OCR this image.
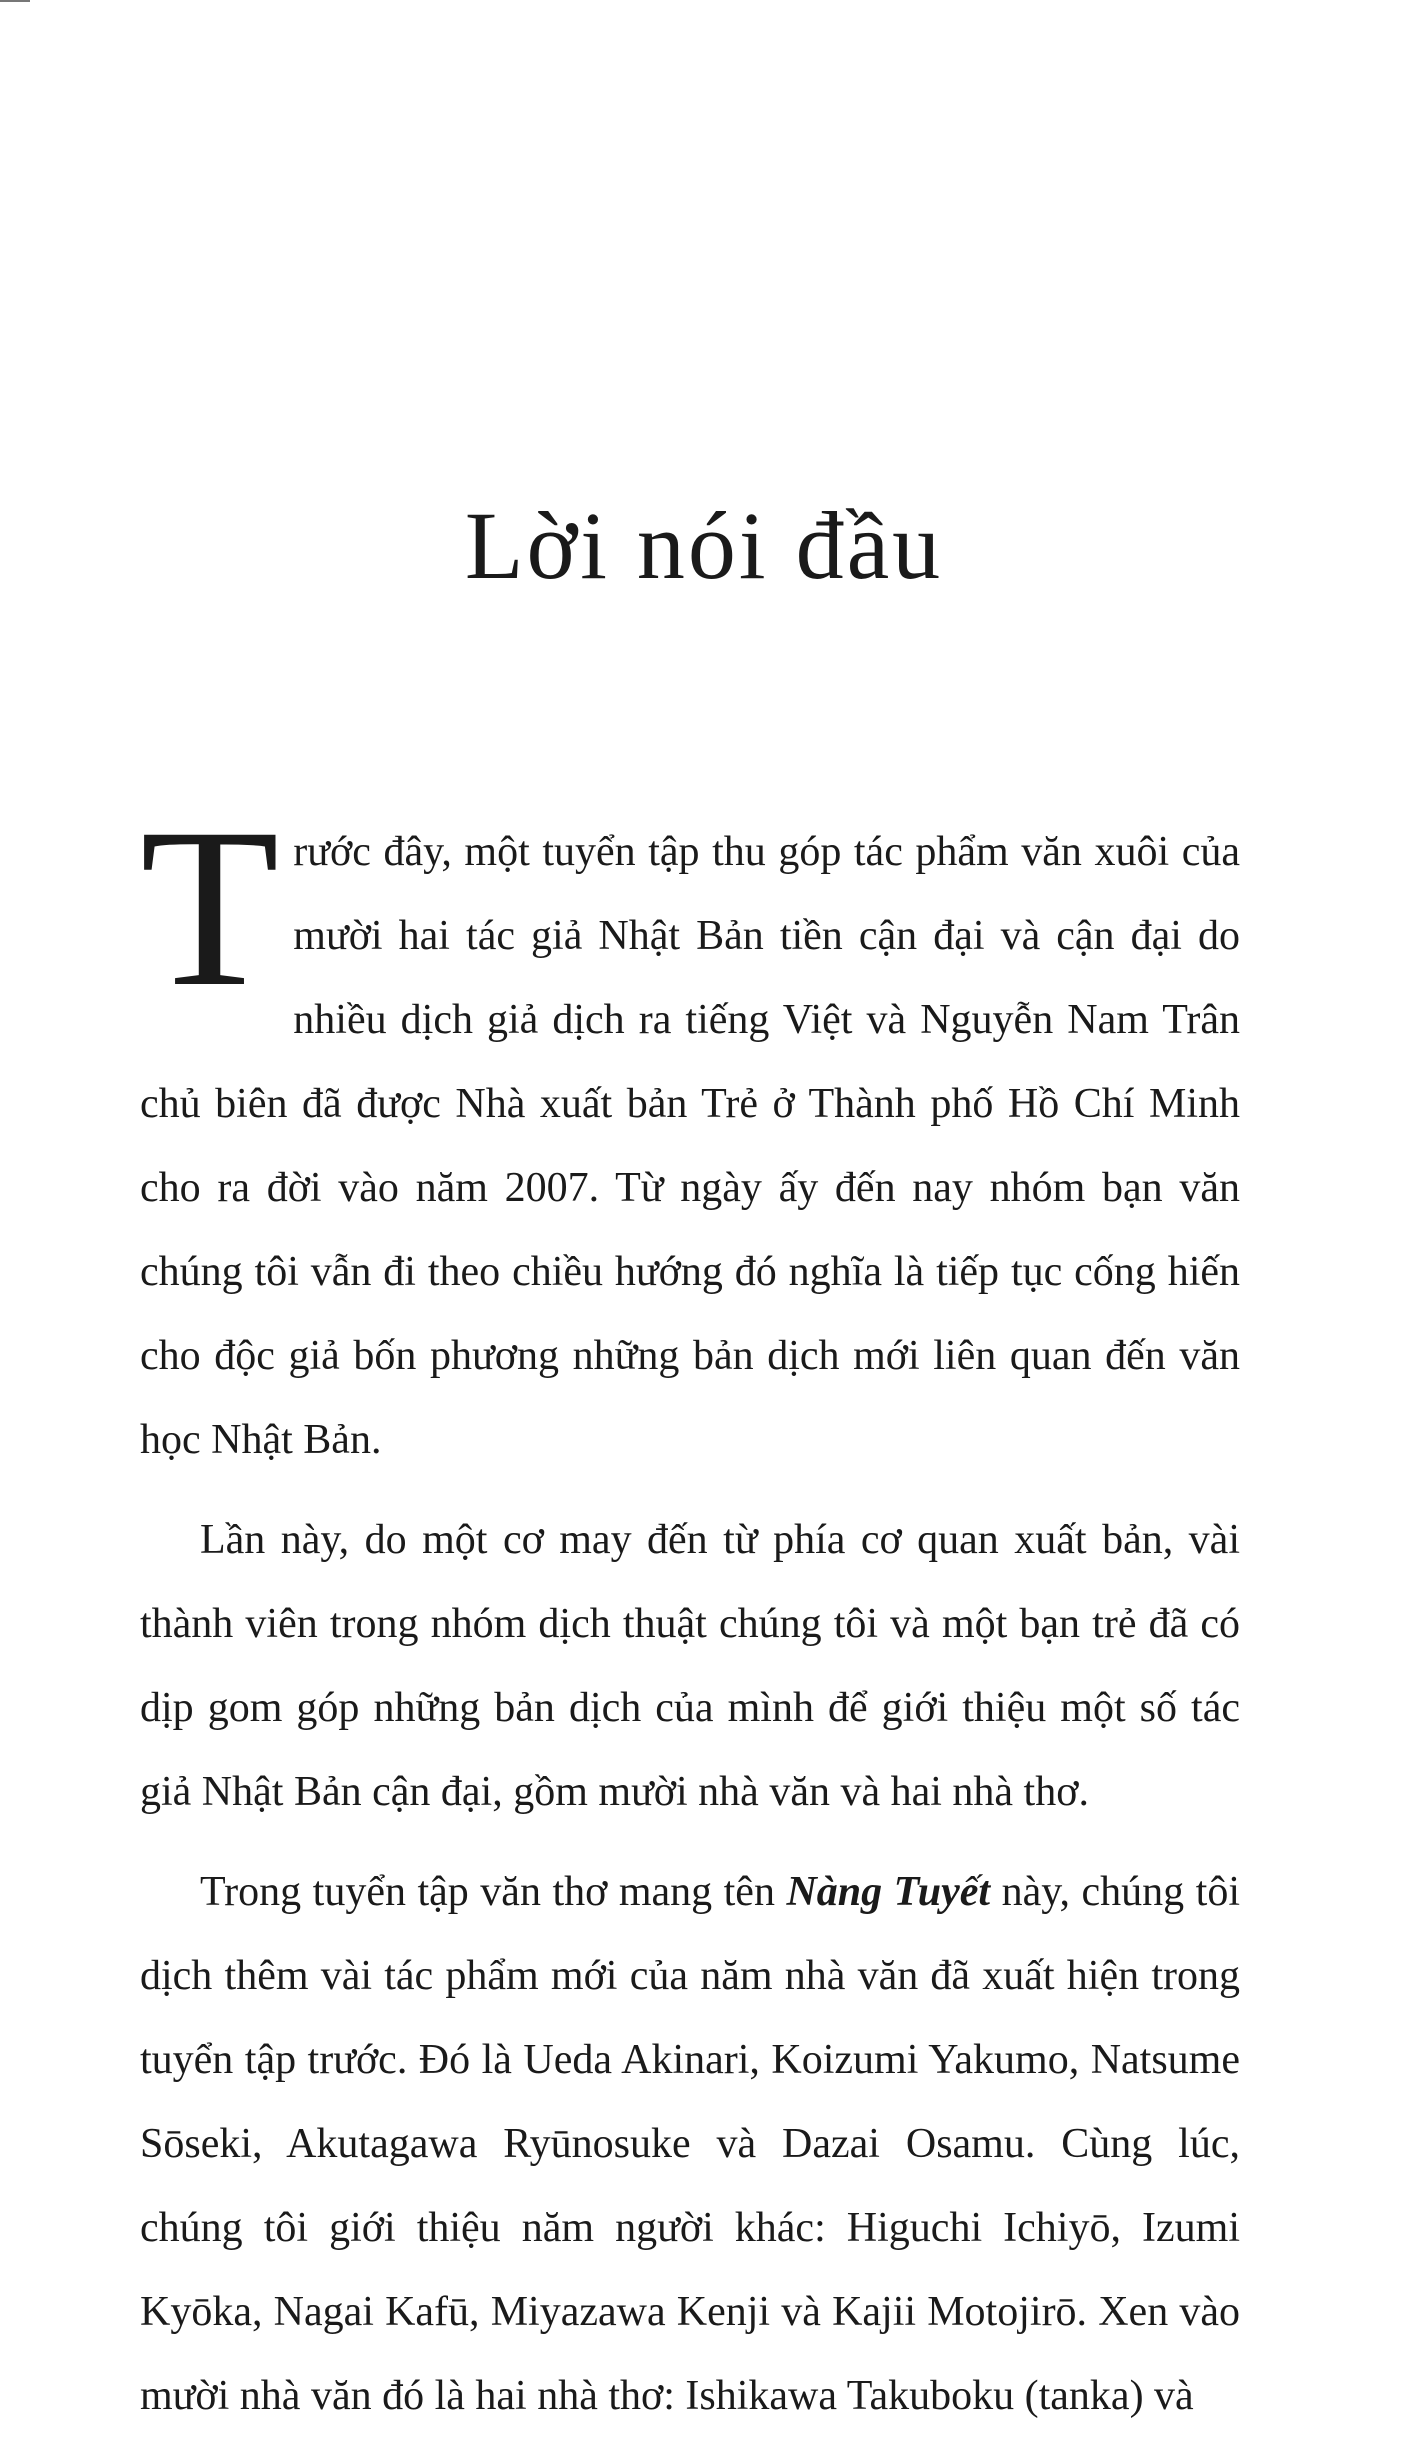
Lời nói đầu

Trước đây, một tuyển tập thu góp tác phẩm văn xuôi của mười hai tác giả Nhật Bản tiền cận đại và cận đại do nhiều dịch giả dịch ra tiếng Việt và Nguyễn Nam Trân chủ biên đã được Nhà xuất bản Trẻ ở Thành phố Hồ Chí Minh cho ra đời vào năm 2007. Từ ngày ấy đến nay nhóm bạn văn chúng tôi vẫn đi theo chiều hướng đó nghĩa là tiếp tục cống hiến cho độc giả bốn phương những bản dịch mới liên quan đến văn học Nhật Bản.

Lần này, do một cơ may đến từ phía cơ quan xuất bản, vài thành viên trong nhóm dịch thuật chúng tôi và một bạn trẻ đã có dịp gom góp những bản dịch của mình để giới thiệu một số tác giả Nhật Bản cận đại, gồm mười nhà văn và hai nhà thơ.

Trong tuyển tập văn thơ mang tên Nàng Tuyết này, chúng tôi dịch thêm vài tác phẩm mới của năm nhà văn đã xuất hiện trong tuyển tập trước. Đó là Ueda Akinari, Koizumi Yakumo, Natsume Sōseki, Akutagawa Ryūnosuke và Dazai Osamu. Cùng lúc, chúng tôi giới thiệu năm người khác: Higuchi Ichiyō, Izumi Kyōka, Nagai Kafū, Miyazawa Kenji và Kajii Motojirō. Xen vào mười nhà văn đó là hai nhà thơ: Ishikawa Takuboku (tanka) và
